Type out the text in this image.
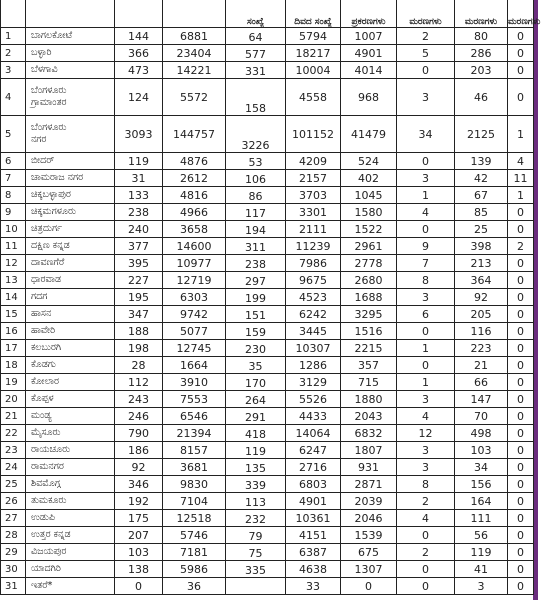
				ಸಂಖ್ಯೆ	ದಿವದ ಸಂಖ್ಯೆ	ಪ್ರಕರಣಗಳು	ಮರಣಗಳು	ಮರಣಗಳು	ಮರಣಗಳು
1	ಬಾಗಲಕೋಟೆ	144	6881	64	5794	1007	2	80	0
2	ಬಳ್ಳಾರಿ	366	23404	577	18217	4901	5	286	0
3	ಬೆಳಗಾವಿ	473	14221	331	10004	4014	0	203	0
4	ಬೆಂಗಳೂರು
ಗ್ರಾಮಾಂತರ	124	5572	158	4558	968	3	46	0
5	ಬೆಂಗಳೂರು
ನಗರ	3093	144757	3226	101152	41479	34	2125	1
6	ಬೀದರ್	119	4876	53	4209	524	0	139	4
7	ಚಾಮರಾಜ ನಗರ	31	2612	106	2157	402	3	42	11
8	ಚಿಕ್ಕಬಳ್ಳಾಪುರ	133	4816	86	3703	1045	1	67	1
9	ಚಿಕ್ಕಮಗಳೂರು	238	4966	117	3301	1580	4	85	0
10	ಚಿತ್ರದುರ್ಗ	240	3658	194	2111	1522	0	25	0
11	ದಕ್ಷಿಣ ಕನ್ನಡ	377	14600	311	11239	2961	9	398	2
12	ದಾವಣಗೆರೆ	395	10977	238	7986	2778	7	213	0
13	ಧಾರವಾಡ	227	12719	297	9675	2680	8	364	0
14	ಗದಗ	195	6303	199	4523	1688	3	92	0
15	ಹಾಸನ	347	9742	151	6242	3295	6	205	0
16	ಹಾವೇರಿ	188	5077	159	3445	1516	0	116	0
17	ಕಲಬುರಗಿ	198	12745	230	10307	2215	1	223	0
18	ಕೊಡಗು	28	1664	35	1286	357	0	21	0
19	ಕೋಲಾರ	112	3910	170	3129	715	1	66	0
20	ಕೊಪ್ಪಳ	243	7553	264	5526	1880	3	147	0
21	ಮಂಡ್ಯ	246	6546	291	4433	2043	4	70	0
22	ಮೈಸೂರು	790	21394	418	14064	6832	12	498	0
23	ರಾಯಚೂರು	186	8157	119	6247	1807	3	103	0
24	ರಾಮನಗರ	92	3681	135	2716	931	3	34	0
25	ಶಿವಮೊಗ್ಗ	346	9830	339	6803	2871	8	156	0
26	ತುಮಕೂರು	192	7104	113	4901	2039	2	164	0
27	ಉಡುಪಿ	175	12518	232	10361	2046	4	111	0
28	ಉತ್ತರ ಕನ್ನಡ	207	5746	79	4151	1539	0	56	0
29	ವಿಜಯಪುರ	103	7181	75	6387	675	2	119	0
30	ಯಾದಗಿರಿ	138	5986	335	4638	1307	0	41	0
31	ಇತರೆ*	0	36		33	0	0	3	0
